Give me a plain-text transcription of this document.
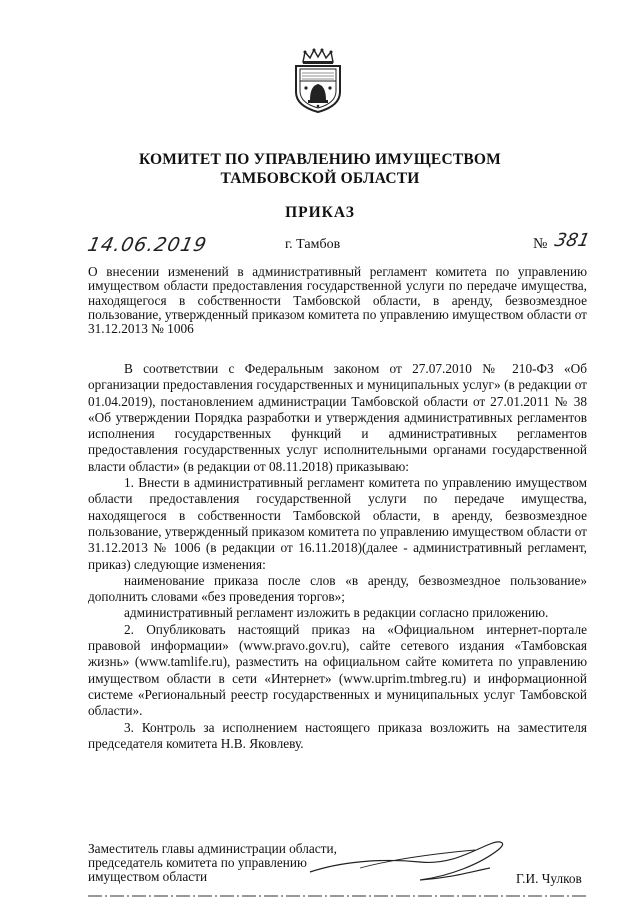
КОМИТЕТ ПО УПРАВЛЕНИЮ ИМУЩЕСТВОМ
ТАМБОВСКОЙ ОБЛАСТИ
ПРИКАЗ
14.06.2019	г. Тамбов	№ 381
О внесении изменений в административный регламент комитета по управлению имуществом области предоставления государственной услуги по передаче имущества, находящегося в собственности Тамбовской области, в аренду, безвозмездное пользование, утвержденный приказом комитета по управлению имуществом области от 31.12.2013 № 1006

В соответствии с Федеральным законом от 27.07.2010 № 210-ФЗ «Об организации предоставления государственных и муниципальных услуг» (в редакции от 01.04.2019), постановлением администрации Тамбовской области от 27.01.2011 № 38 «Об утверждении Порядка разработки и утверждения административных регламентов исполнения государственных функций и административных регламентов предоставления государственных услуг исполнительными органами государственной власти области» (в редакции от 08.11.2018) приказываю:

1. Внести в административный регламент комитета по управлению имуществом области предоставления государственной услуги по передаче имущества, находящегося в собственности Тамбовской области, в аренду, безвозмездное пользование, утвержденный приказом комитета по управлению имуществом области от 31.12.2013 № 1006 (в редакции от 16.11.2018)(далее - административный регламент, приказ) следующие изменения:

наименование приказа после слов «в аренду, безвозмездное пользование» дополнить словами «без проведения торгов»;

административный регламент изложить в редакции согласно приложению.

2. Опубликовать настоящий приказ на «Официальном интернет-портале правовой информации» (www.pravo.gov.ru), сайте сетевого издания «Тамбовская жизнь» (www.tamlife.ru), разместить на официальном сайте комитета по управлению имуществом области в сети «Интернет» (www.uprim.tmbreg.ru) и информационной системе «Региональный реестр государственных и муниципальных услуг Тамбовской области».

3. Контроль за исполнением настоящего приказа возложить на заместителя председателя комитета Н.В. Яковлеву.

Заместитель главы администрации области,
председатель комитета по управлению
имуществом области	Г.И. Чулков
